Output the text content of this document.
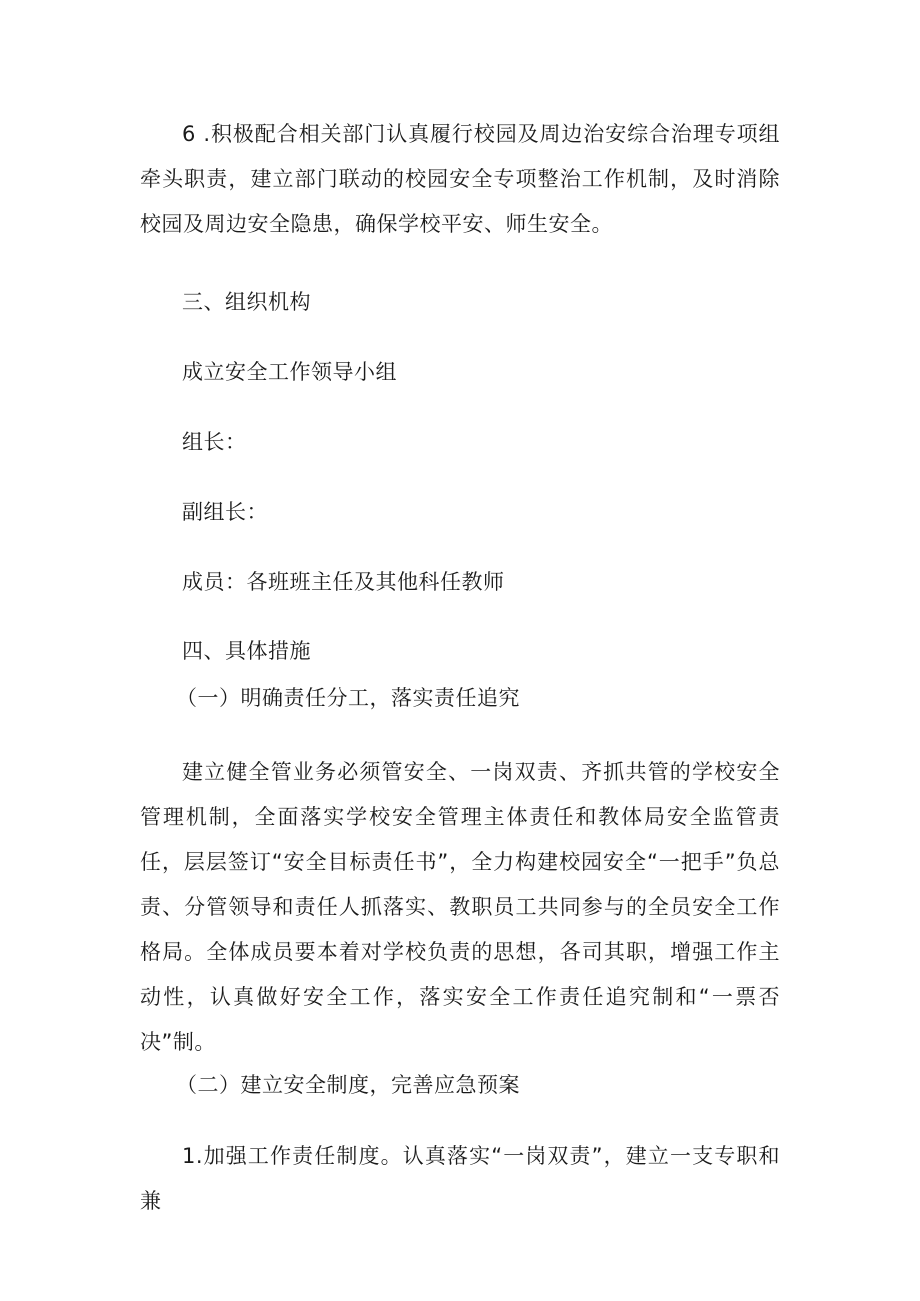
6 .积极配合相关部门认真履行校园及周边治安综合治理专项组牵头职责，建立部门联动的校园安全专项整治工作机制，及时消除校园及周边安全隐患，确保学校平安、师生安全。

三、组织机构

成立安全工作领导小组

组长：

副组长：

成员：各班班主任及其他科任教师

四、具体措施

（一）明确责任分工，落实责任追究

建立健全管业务必须管安全、一岗双责、齐抓共管的学校安全管理机制，全面落实学校安全管理主体责任和教体局安全监管责任，层层签订“安全目标责任书”，全力构建校园安全“一把手”负总责、分管领导和责任人抓落实、教职员工共同参与的全员安全工作格局。全体成员要本着对学校负责的思想，各司其职，增强工作主动性，认真做好安全工作，落实安全工作责任追究制和“一票否决”制。

（二）建立安全制度，完善应急预案

1.加强工作责任制度。认真落实“一岗双责”，建立一支专职和兼
